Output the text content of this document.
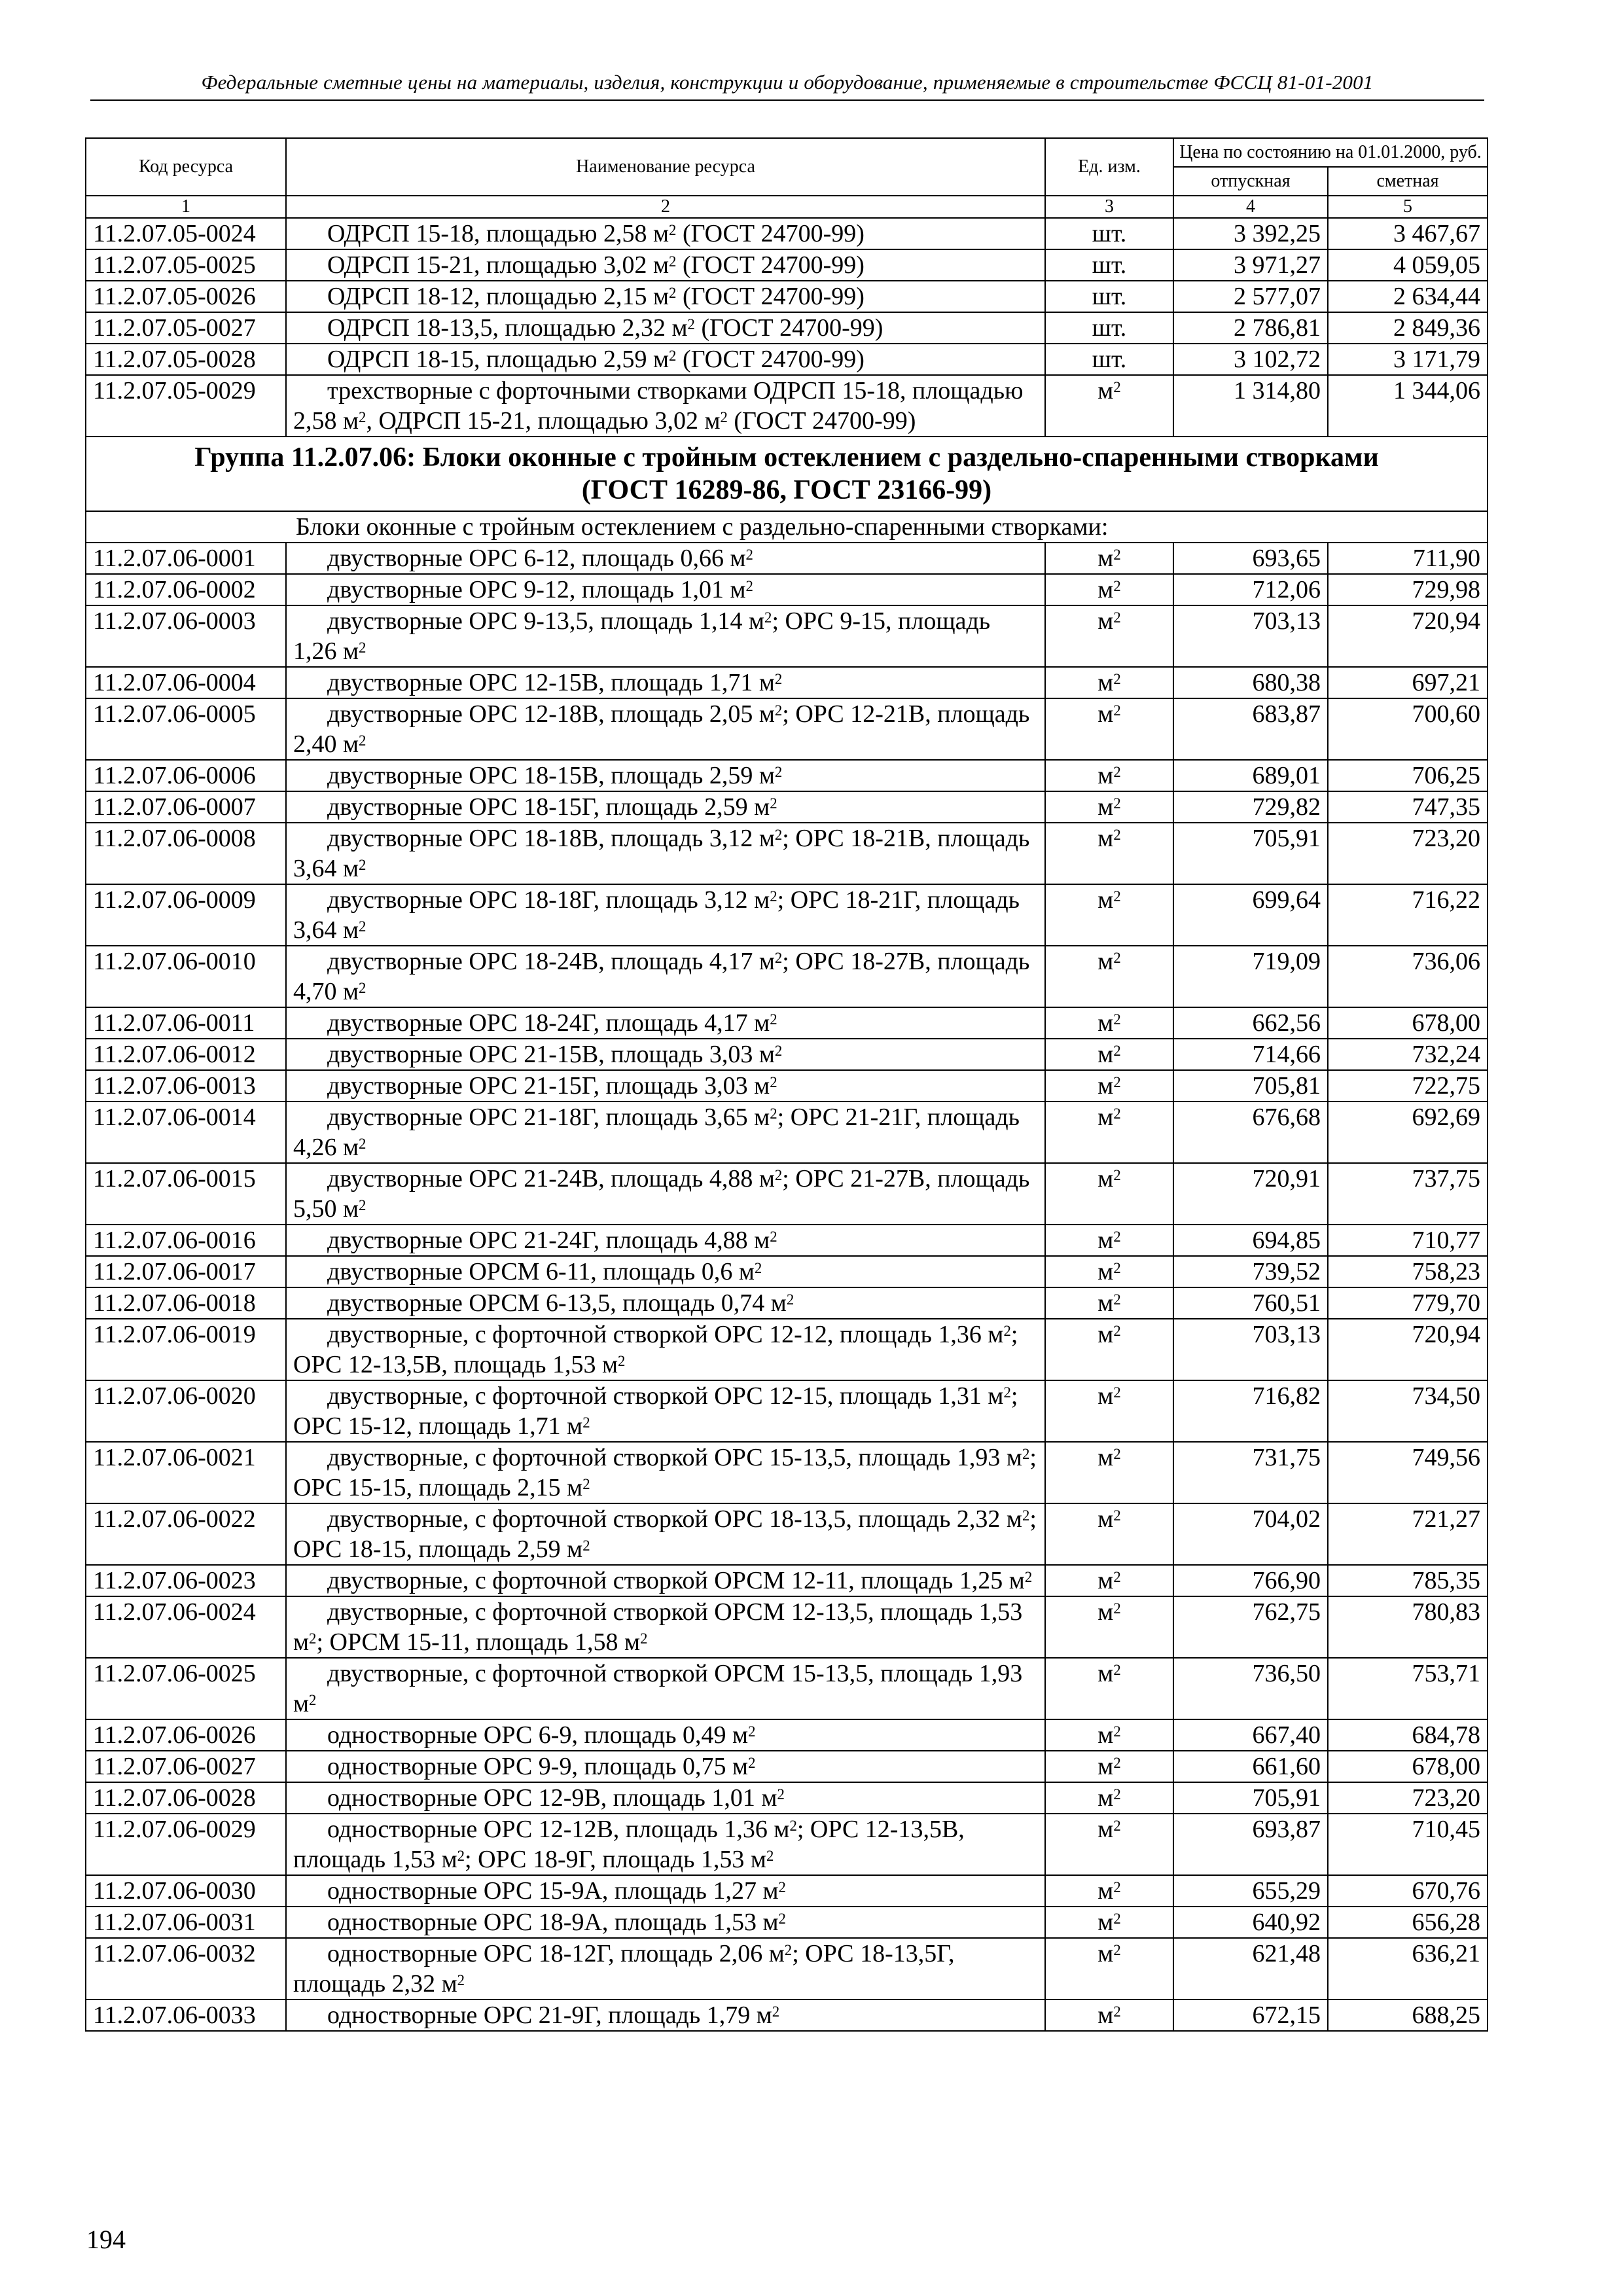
Федеральные сметные цены на материалы, изделия, конструкции и оборудование, применяемые в строительстве ФССЦ 81-01-2001
Код ресурса	Наименование ресурса	Ед. изм.	Цена по состоянию на 01.01.2000, руб.	
			отпускная	сметная
1	2	3	4	5
11.2.07.05-0024	ОДРСП 15-18, площадью 2,58 $м^2$ (ГОСТ 24700-99)	шт.	3 392,25	3 467,67
11.2.07.05-0025	ОДРСП 15-21, площадью 3,02 $м^2$ (ГОСТ 24700-99)	шт.	3 971,27	4 059,05
11.2.07.05-0026	ОДРСП 18-12, площадью 2,15 $м^2$ (ГОСТ 24700-99)	шт.	2 577,07	2 634,44
11.2.07.05-0027	ОДРСП 18-13,5, площадью 2,32 $м^2$ (ГОСТ 24700-99)	шт.	2 786,81	2 849,36
11.2.07.05-0028	ОДРСП 18-15, площадью 2,59 $м^2$ (ГОСТ 24700-99)	шт.	3 102,72	3 171,79
11.2.07.05-0029	трехстворные с форточными створками ОДРСП 15-18, площадью 2,58 $м^2$, ОДРСП 15-21, площадью 3,02 $м^2$ (ГОСТ 24700-99)	$м^2$	1 314,80	1 344,06
Группа 11.2.07.06: Блоки оконные с тройным остеклением с раздельно-спаренными створками
(ГОСТ 16289-86, ГОСТ 23166-99)				
Блоки оконные с тройным остеклением с раздельно-спаренными створками:				
11.2.07.06-0001	двустворные ОРС 6-12, площадь 0,66 $м^2$	$м^2$	693,65	711,90
11.2.07.06-0002	двустворные ОРС 9-12, площадь 1,01 $м^2$	$м^2$	712,06	729,98
11.2.07.06-0003	двустворные ОРС 9-13,5, площадь 1,14 $м^2$; ОРС 9-15, площадь 1,26 $м^2$	$м^2$	703,13	720,94
11.2.07.06-0004	двустворные ОРС 12-15В, площадь 1,71 $м^2$	$м^2$	680,38	697,21
11.2.07.06-0005	двустворные ОРС 12-18В, площадь 2,05 $м^2$; ОРС 12-21В, площадь 2,40 $м^2$	$м^2$	683,87	700,60
11.2.07.06-0006	двустворные ОРС 18-15В, площадь 2,59 $м^2$	$м^2$	689,01	706,25
11.2.07.06-0007	двустворные ОРС 18-15Г, площадь 2,59 $м^2$	$м^2$	729,82	747,35
11.2.07.06-0008	двустворные ОРС 18-18В, площадь 3,12 $м^2$; ОРС 18-21В, площадь 3,64 $м^2$	$м^2$	705,91	723,20
11.2.07.06-0009	двустворные ОРС 18-18Г, площадь 3,12 $м^2$; ОРС 18-21Г, площадь 3,64 $м^2$	$м^2$	699,64	716,22
11.2.07.06-0010	двустворные ОРС 18-24В, площадь 4,17 $м^2$; ОРС 18-27В, площадь 4,70 $м^2$	$м^2$	719,09	736,06
11.2.07.06-0011	двустворные ОРС 18-24Г, площадь 4,17 $м^2$	$м^2$	662,56	678,00
11.2.07.06-0012	двустворные ОРС 21-15В, площадь 3,03 $м^2$	$м^2$	714,66	732,24
11.2.07.06-0013	двустворные ОРС 21-15Г, площадь 3,03 $м^2$	$м^2$	705,81	722,75
11.2.07.06-0014	двустворные ОРС 21-18Г, площадь 3,65 $м^2$; ОРС 21-21Г, площадь 4,26 $м^2$	$м^2$	676,68	692,69
11.2.07.06-0015	двустворные ОРС 21-24В, площадь 4,88 $м^2$; ОРС 21-27В, площадь 5,50 $м^2$	$м^2$	720,91	737,75
11.2.07.06-0016	двустворные ОРС 21-24Г, площадь 4,88 $м^2$	$м^2$	694,85	710,77
11.2.07.06-0017	двустворные ОРСМ 6-11, площадь 0,6 $м^2$	$м^2$	739,52	758,23
11.2.07.06-0018	двустворные ОРСМ 6-13,5, площадь 0,74 $м^2$	$м^2$	760,51	779,70
11.2.07.06-0019	двустворные, с форточной створкой ОРС 12-12, площадь 1,36 $м^2$; ОРС 12-13,5В, площадь 1,53 $м^2$	$м^2$	703,13	720,94
11.2.07.06-0020	двустворные, с форточной створкой ОРС 12-15, площадь 1,31 $м^2$; ОРС 15-12, площадь 1,71 $м^2$	$м^2$	716,82	734,50
11.2.07.06-0021	двустворные, с форточной створкой ОРС 15-13,5, площадь 1,93 $м^2$; ОРС 15-15, площадь 2,15 $м^2$	$м^2$	731,75	749,56
11.2.07.06-0022	двустворные, с форточной створкой ОРС 18-13,5, площадь 2,32 $м^2$; ОРС 18-15, площадь 2,59 $м^2$	$м^2$	704,02	721,27
11.2.07.06-0023	двустворные, с форточной створкой ОРСМ 12-11, площадь 1,25 $м^2$	$м^2$	766,90	785,35
11.2.07.06-0024	двустворные, с форточной створкой ОРСМ 12-13,5, площадь 1,53 $м^2$; ОРСМ 15-11, площадь 1,58 $м^2$	$м^2$	762,75	780,83
11.2.07.06-0025	двустворные, с форточной створкой ОРСМ 15-13,5, площадь 1,93 $м^2$	$м^2$	736,50	753,71
11.2.07.06-0026	одностворные ОРС 6-9, площадь 0,49 $м^2$	$м^2$	667,40	684,78
11.2.07.06-0027	одностворные ОРС 9-9, площадь 0,75 $м^2$	$м^2$	661,60	678,00
11.2.07.06-0028	одностворные ОРС 12-9В, площадь 1,01 $м^2$	$м^2$	705,91	723,20
11.2.07.06-0029	одностворные ОРС 12-12В, площадь 1,36 $м^2$; ОРС 12-13,5В, площадь 1,53 $м^2$; ОРС 18-9Г, площадь 1,53 $м^2$	$м^2$	693,87	710,45
11.2.07.06-0030	одностворные ОРС 15-9А, площадь 1,27 $м^2$	$м^2$	655,29	670,76
11.2.07.06-0031	одностворные ОРС 18-9А, площадь 1,53 $м^2$	$м^2$	640,92	656,28
11.2.07.06-0032	одностворные ОРС 18-12Г, площадь 2,06 $м^2$; ОРС 18-13,5Г, площадь 2,32 $м^2$	$м^2$	621,48	636,21
11.2.07.06-0033	одностворные ОРС 21-9Г, площадь 1,79 $м^2$	$м^2$	672,15	688,25
194
